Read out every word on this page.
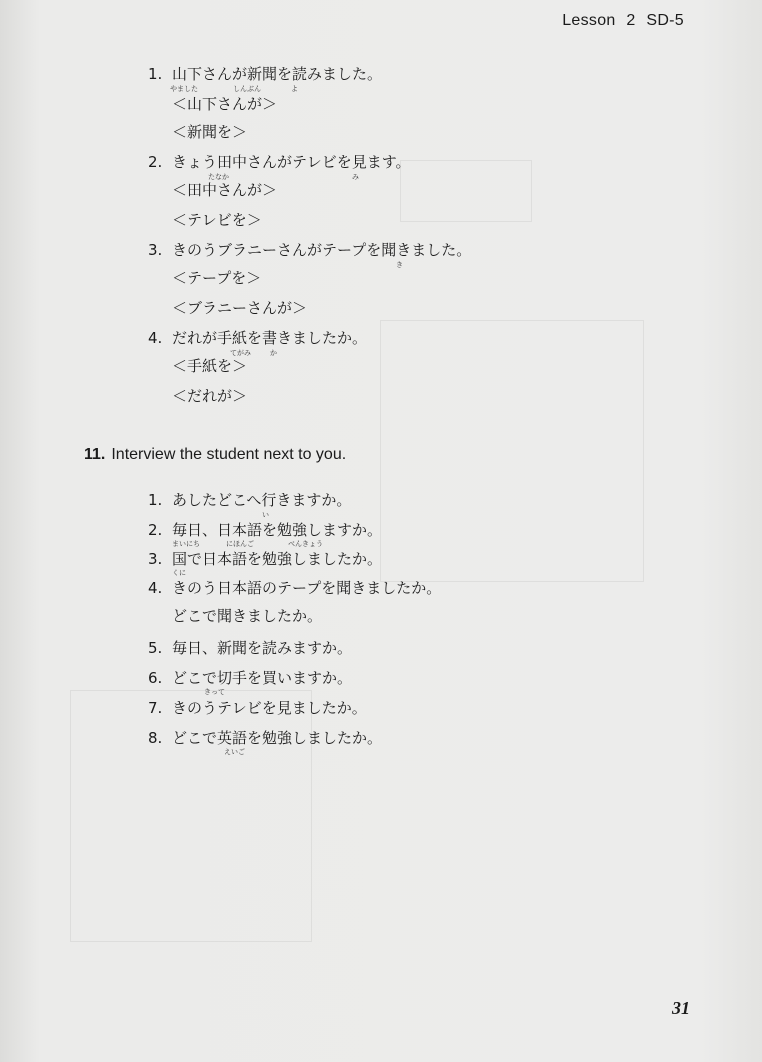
Lesson 2 SD-5
1. 山下さんが新聞を読みました。
やました	しんぶん	よ
＜山下さんが＞
＜新聞を＞
2. きょう田中さんがテレビを見ます。
たなか	み
＜田中さんが＞
＜テレビを＞
3. きのうブラニーさんがテープを聞きました。
き
＜テープを＞
＜ブラニーさんが＞
4. だれが手紙を書きましたか。
てがみ	か
＜手紙を＞
＜だれが＞
11. Interview the student next to you.
1. あしたどこへ行きますか。
い
2. 毎日、日本語を勉強しますか。
まいにち	にほんご	べんきょう
3. 国で日本語を勉強しましたか。
くに
4. きのう日本語のテープを聞きましたか。
どこで聞きましたか。
5. 毎日、新聞を読みますか。
6. どこで切手を買いますか。
きって
7. きのうテレビを見ましたか。
8. どこで英語を勉強しましたか。
えいご
31
